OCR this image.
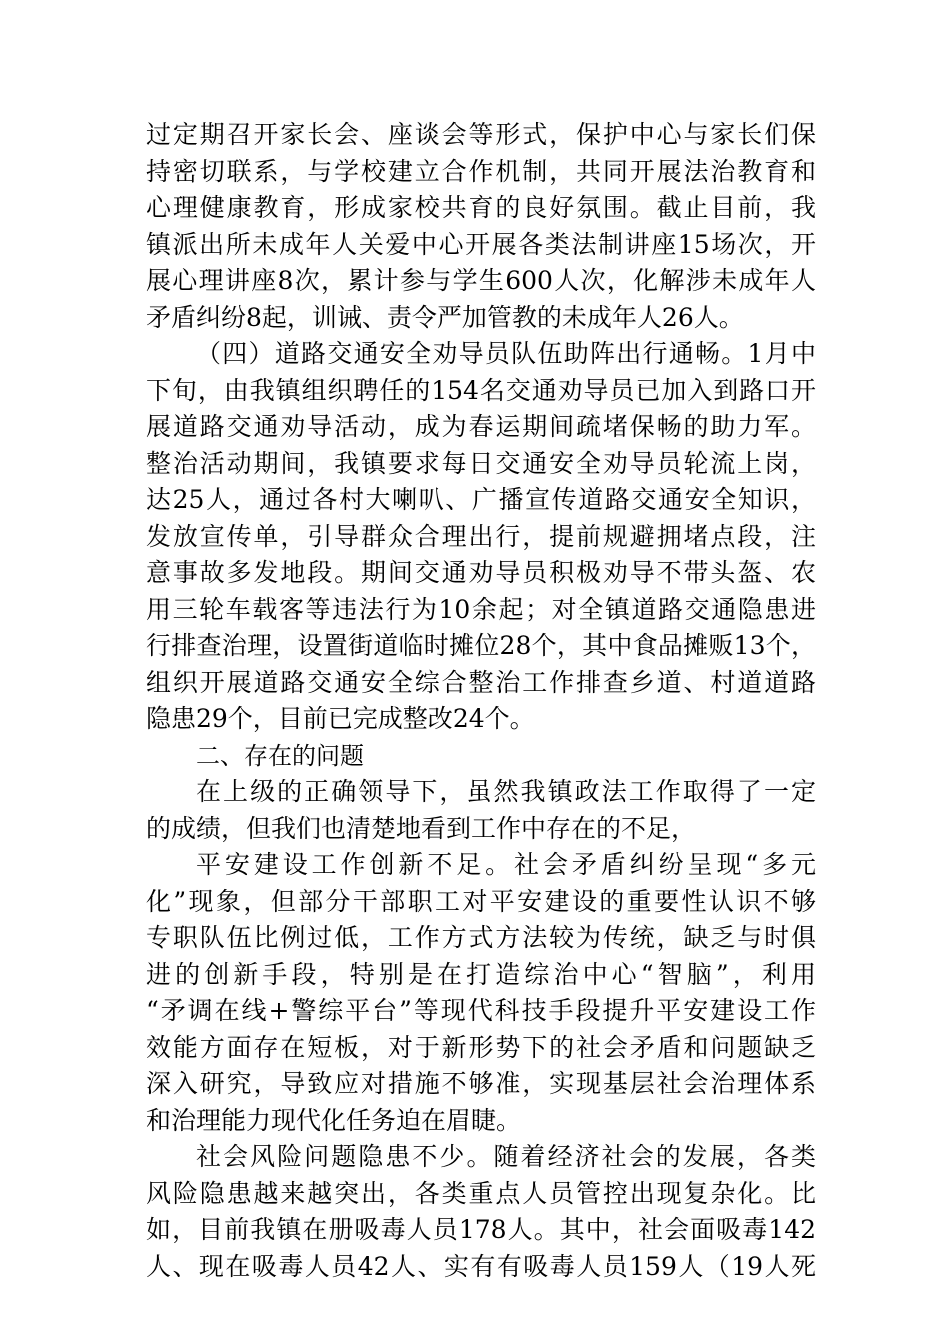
过定期召开家长会、座谈会等形式，保护中心与家长们保
持密切联系，与学校建立合作机制，共同开展法治教育和
心理健康教育，形成家校共育的良好氛围。截止目前，我
镇派出所未成年人关爱中心开展各类法制讲座15场次，开
展心理讲座8次，累计参与学生600人次，化解涉未成年人
矛盾纠纷8起，训诫、责令严加管教的未成年人26人。
（四）道路交通安全劝导员队伍助阵出行通畅。1月中
下旬，由我镇组织聘任的154名交通劝导员已加入到路口开
展道路交通劝导活动，成为春运期间疏堵保畅的助力军。
整治活动期间，我镇要求每日交通安全劝导员轮流上岗，
达25人，通过各村大喇叭、广播宣传道路交通安全知识，
发放宣传单，引导群众合理出行，提前规避拥堵点段，注
意事故多发地段。期间交通劝导员积极劝导不带头盔、农
用三轮车载客等违法行为10余起；对全镇道路交通隐患进
行排查治理，设置街道临时摊位28个，其中食品摊贩13个，
组织开展道路交通安全综合整治工作排查乡道、村道道路
隐患29个，目前已完成整改24个。
二、存在的问题
在上级的正确领导下，虽然我镇政法工作取得了一定
的成绩，但我们也清楚地看到工作中存在的不足，
平安建设工作创新不足。社会矛盾纠纷呈现“多元
化”现象，但部分干部职工对平安建设的重要性认识不够
专职队伍比例过低，工作方式方法较为传统，缺乏与时俱
进的创新手段，特别是在打造综治中心“智脑”，利用
“矛调在线+警综平台”等现代科技手段提升平安建设工作
效能方面存在短板，对于新形势下的社会矛盾和问题缺乏
深入研究，导致应对措施不够准，实现基层社会治理体系
和治理能力现代化任务迫在眉睫。
社会风险问题隐患不少。随着经济社会的发展，各类
风险隐患越来越突出，各类重点人员管控出现复杂化。比
如，目前我镇在册吸毒人员178人。其中，社会面吸毒142
人、现在吸毒人员42人、实有有吸毒人员159人（19人死
